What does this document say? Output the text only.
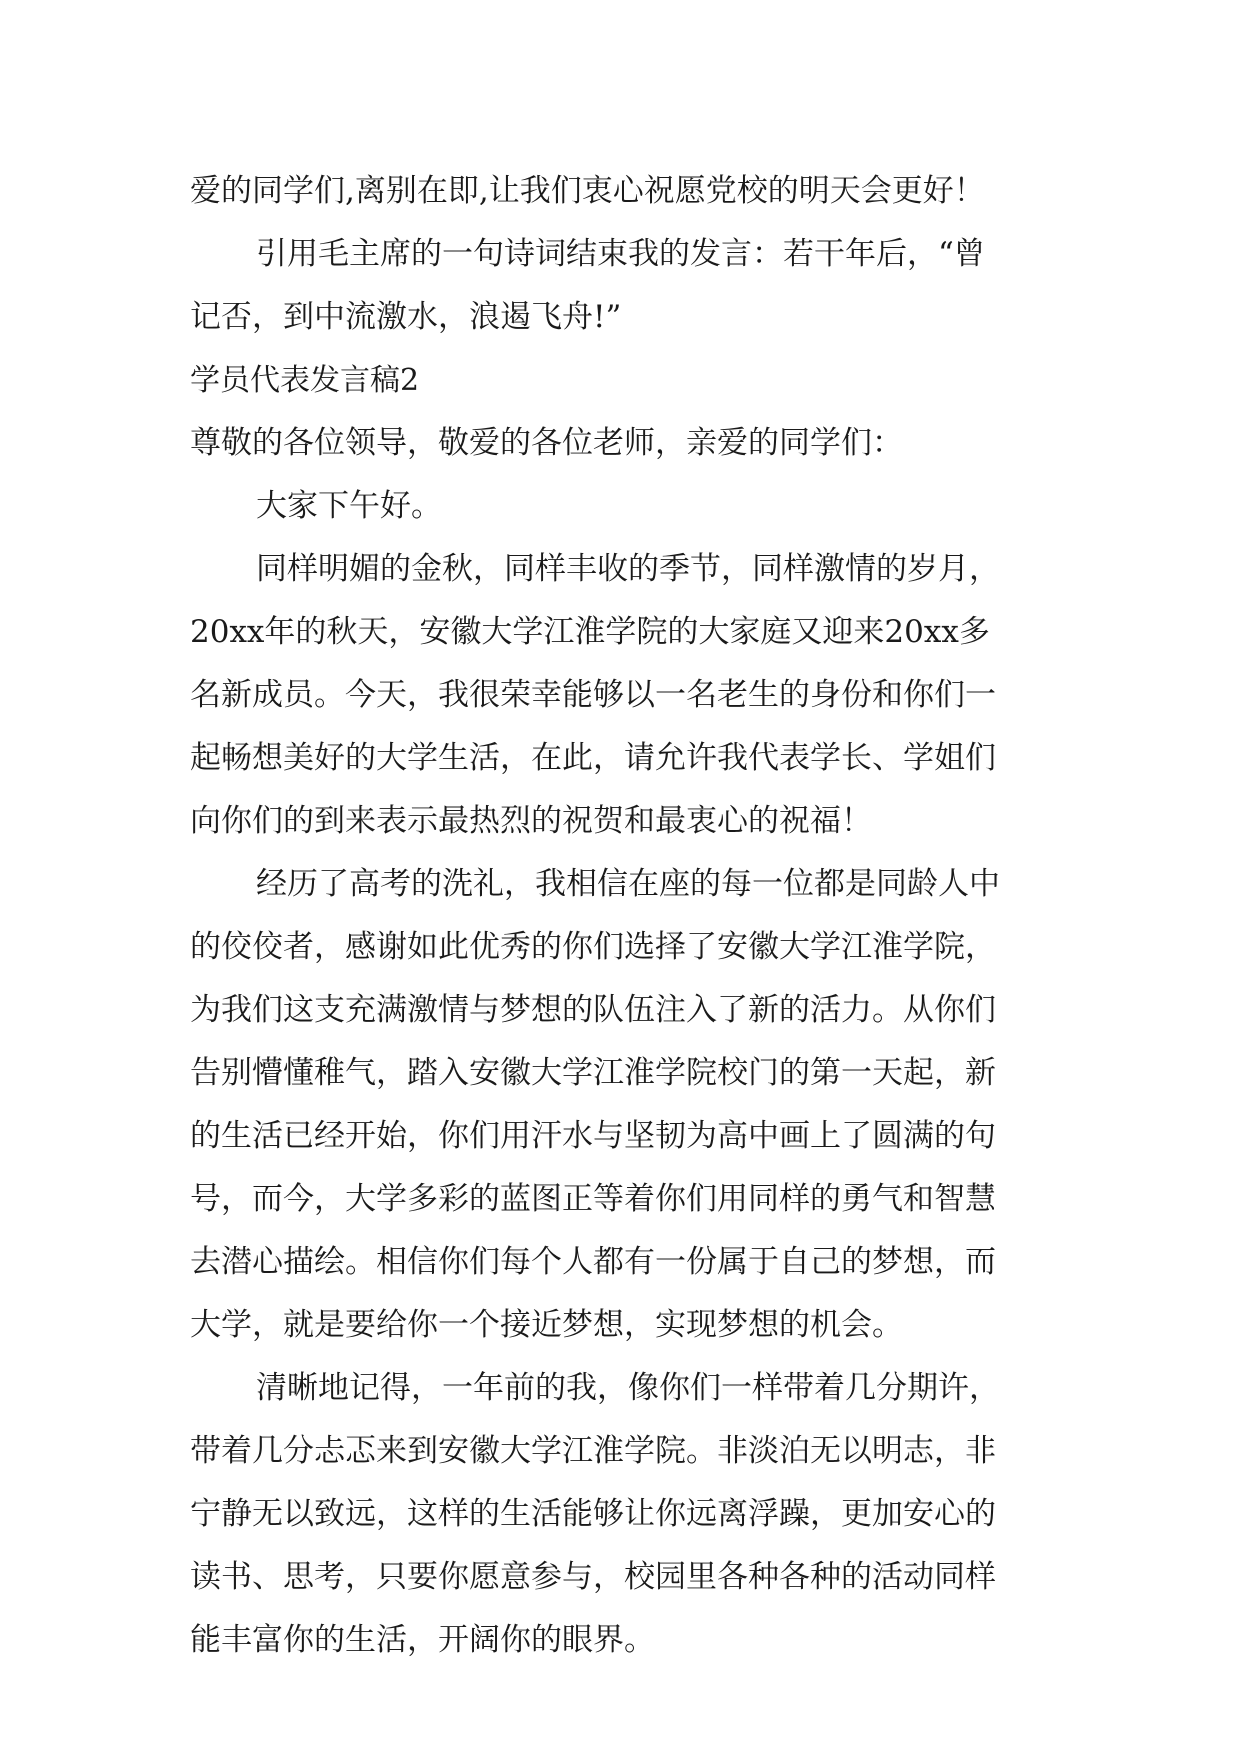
爱的同学们,离别在即,让我们衷心祝愿党校的明天会更好！
引用毛主席的一句诗词结束我的发言：若干年后，“曾
记否，到中流激水，浪遏飞舟!”
学员代表发言稿2
尊敬的各位领导，敬爱的各位老师，亲爱的同学们：
大家下午好。
同样明媚的金秋，同样丰收的季节，同样激情的岁月，
20xx年的秋天，安徽大学江淮学院的大家庭又迎来20xx多
名新成员。今天，我很荣幸能够以一名老生的身份和你们一
起畅想美好的大学生活，在此，请允许我代表学长、学姐们
向你们的到来表示最热烈的祝贺和最衷心的祝福！
经历了高考的洗礼，我相信在座的每一位都是同龄人中
的佼佼者，感谢如此优秀的你们选择了安徽大学江淮学院，
为我们这支充满激情与梦想的队伍注入了新的活力。从你们
告别懵懂稚气，踏入安徽大学江淮学院校门的第一天起，新
的生活已经开始，你们用汗水与坚韧为高中画上了圆满的句
号，而今，大学多彩的蓝图正等着你们用同样的勇气和智慧
去潜心描绘。相信你们每个人都有一份属于自己的梦想，而
大学，就是要给你一个接近梦想，实现梦想的机会。
清晰地记得，一年前的我，像你们一样带着几分期许，
带着几分忐忑来到安徽大学江淮学院。非淡泊无以明志，非
宁静无以致远，这样的生活能够让你远离浮躁，更加安心的
读书、思考，只要你愿意参与，校园里各种各种的活动同样
能丰富你的生活，开阔你的眼界。
